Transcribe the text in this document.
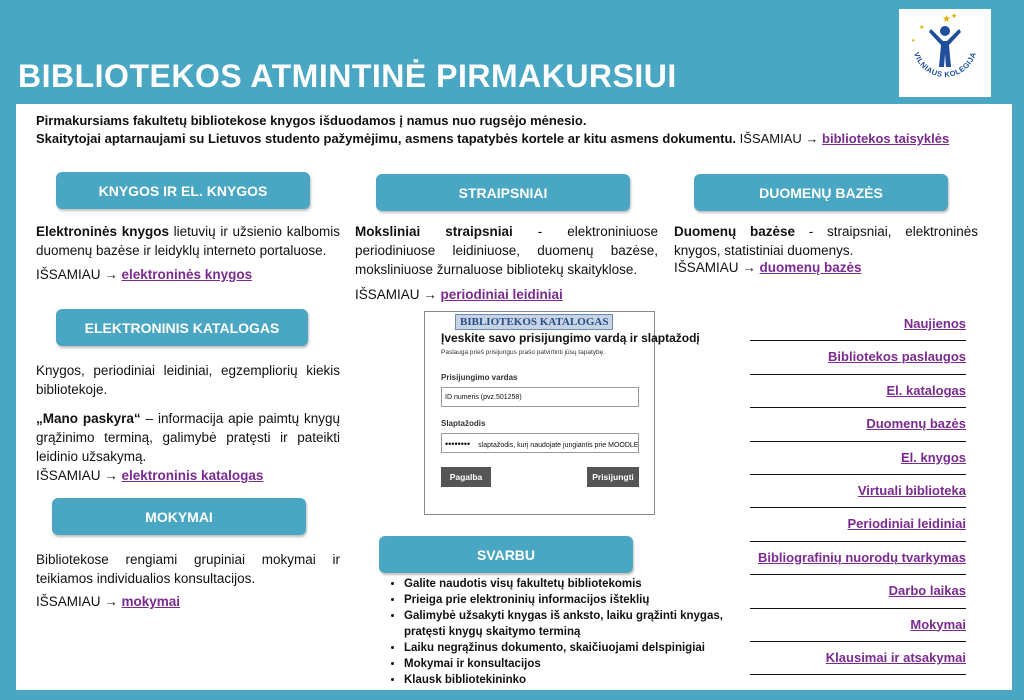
BIBLIOTEKOS ATMINTINĖ PIRMAKURSIUI
★ ★
★
★
VILNIAUS KOLEGIJA
Pirmakursiams fakultetų bibliotekose knygos išduodamos į namus nuo rugsėjo mėnesio.
Skaitytojai aptarnaujami su Lietuvos studento pažymėjimu, asmens tapatybės kortele ar kitu asmens dokumentu. IŠSAMIAU → bibliotekos taisyklės
KNYGOS IR EL. KNYGOS
Elektroninės knygos lietuvių ir užsienio kalbomis duomenų bazėse ir leidyklų interneto portaluose.
IŠSAMIAU → elektroninės knygos
ELEKTRONINIS KATALOGAS
Knygos, periodiniai leidiniai, egzempliorių kiekis bibliotekoje.
„Mano paskyra“ – informacija apie paimtų knygų grąžinimo terminą, galimybė pratęsti ir pateikti leidinio užsakymą.
IŠSAMIAU → elektroninis katalogas
MOKYMAI
Bibliotekose rengiami grupiniai mokymai ir teikiamos individualios konsultacijos.
IŠSAMIAU → mokymai
STRAIPSNIAI
Moksliniai straipsniai - elektroniniuose periodiniuose leidiniuose, duomenų bazėse, moksliniuose žurnaluose bibliotekų skaityklose.
IŠSAMIAU → periodiniai leidiniai
BIBLIOTEKOS KATALOGAS
Įveskite savo prisijungimo vardą ir slaptažodį
Paslauga prieš prisijungus prašo patvirtinti jūsų tapatybę.
Prisijungimo vardas
ID numeris (pvz.501258)
Slaptažodis
•••••••• slaptažodis, kurį naudojate jungiantis prie MOODLE
Pagalba	Prisijungti
SVARBU
• Galite naudotis visų fakultetų bibliotekomis
• Prieiga prie elektroninių informacijos išteklių
• Galimybė užsakyti knygas iš anksto, laiku grąžinti knygas, pratęsti knygų skaitymo terminą
• Laiku negrąžinus dokumento, skaičiuojami delspinigiai
• Mokymai ir konsultacijos
• Klausk bibliotekininko
DUOMENŲ BAZĖS
Duomenų bazėse - straipsniai, elektroninės knygos, statistiniai duomenys.
IŠSAMIAU → duomenų bazės
Naujienos
Bibliotekos paslaugos
El. katalogas
Duomenų bazės
El. knygos
Virtuali biblioteka
Periodiniai leidiniai
Bibliografinių nuorodų tvarkymas
Darbo laikas
Mokymai
Klausimai ir atsakymai
